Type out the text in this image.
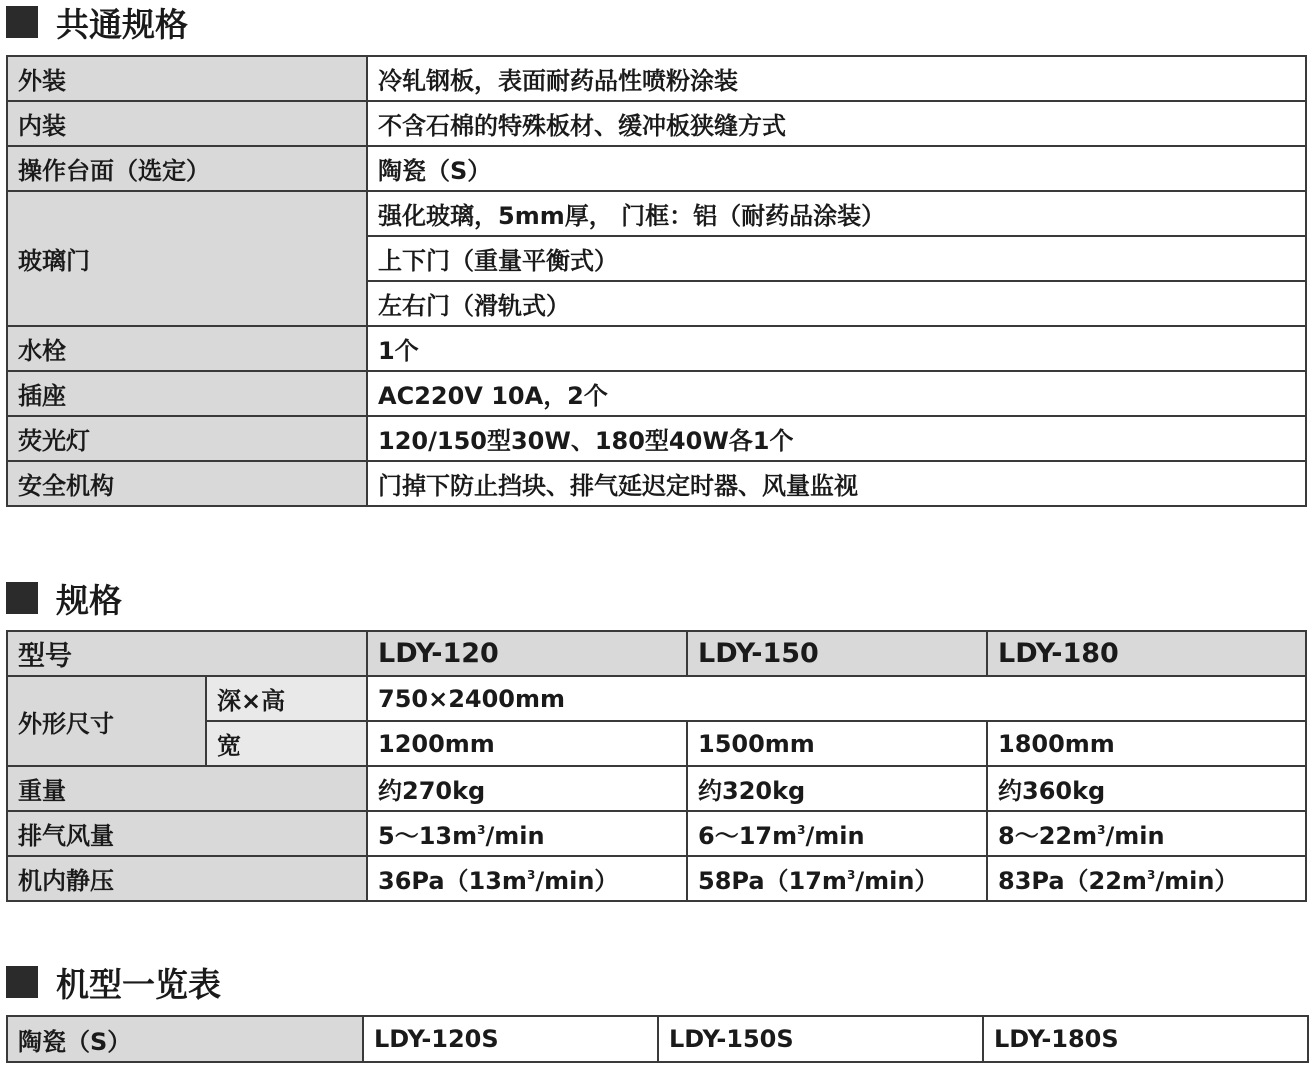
共通规格
外装	冷轧钢板，表面耐药品性喷粉涂装
内装	不含石棉的特殊板材、缓冲板狭缝方式
操作台面（选定）	陶瓷（S）
玻璃门	强化玻璃，5mm厚， 门框：铝（耐药品涂装）
	上下门（重量平衡式）
	左右门（滑轨式）
水栓	1个
插座	AC220V 10A，2个
荧光灯	120/150型30W、180型40W各1个
安全机构	门掉下防止挡块、排气延迟定时器、风量监视
规格
型号		LDY-120	LDY-150	LDY-180
外形尺寸	深×高	750×2400mm		
	宽	1200mm	1500mm	1800mm
重量		约270kg	约320kg	约360kg
排气风量		$5\sim 13m^3/\min$	$6\sim 17m^3/\min$	$8\sim 22m^3/\min$
机内静压		$36Pa(13m^3/\min)$	$58Pa(17m^3/\min)$	$83Pa(22m^3/\min)$
机型一览表
陶瓷（S）	LDY-120S	LDY-150S	LDY-180S
